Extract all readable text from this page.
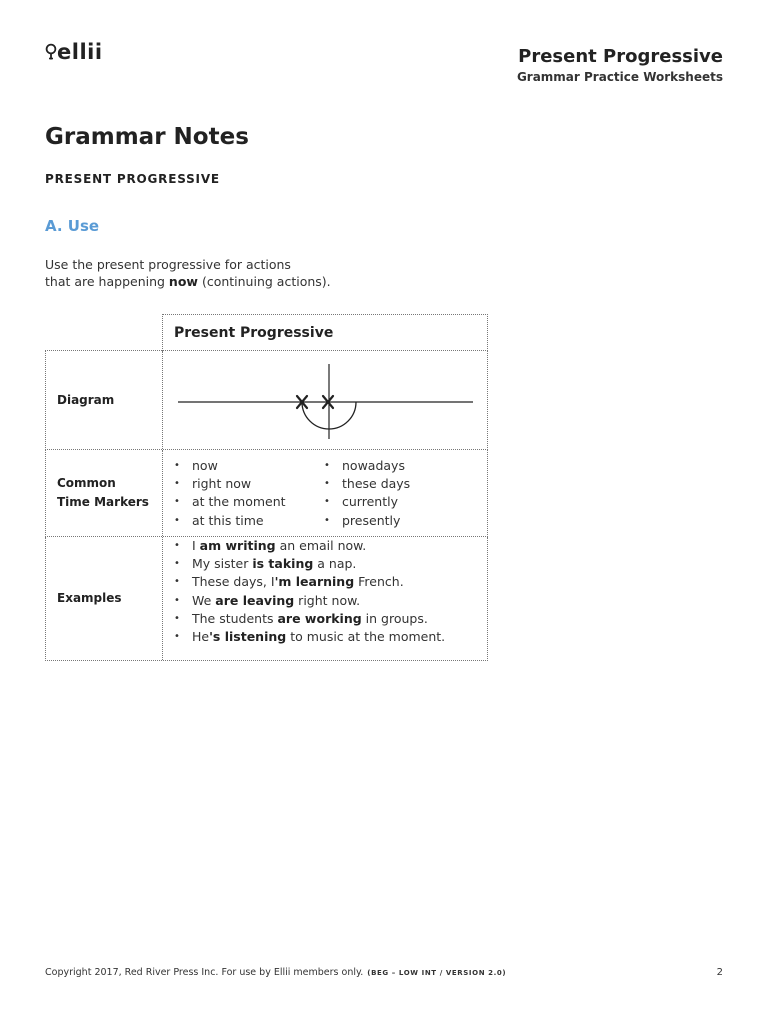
ellii	Present Progressive
Grammar Practice Worksheets
Grammar Notes
PRESENT PROGRESSIVE
A. Use

Use the present progressive for actions

that are happening now (continuing actions).

Present Progressive
Diagram
Common
Time Markers
• now
• right now
• at the moment
• at this time
• nowadays
• these days
• currently
• presently
Examples
• I am writing an email now.
• My sister is taking a nap.
• These days, I'm learning French.
• We are leaving right now.
• The students are working in groups.
• He's listening to music at the moment.
Copyright 2017, Red River Press Inc. For use by Ellii members only. (BEG – LOW INT / VERSION 2.0)	2
